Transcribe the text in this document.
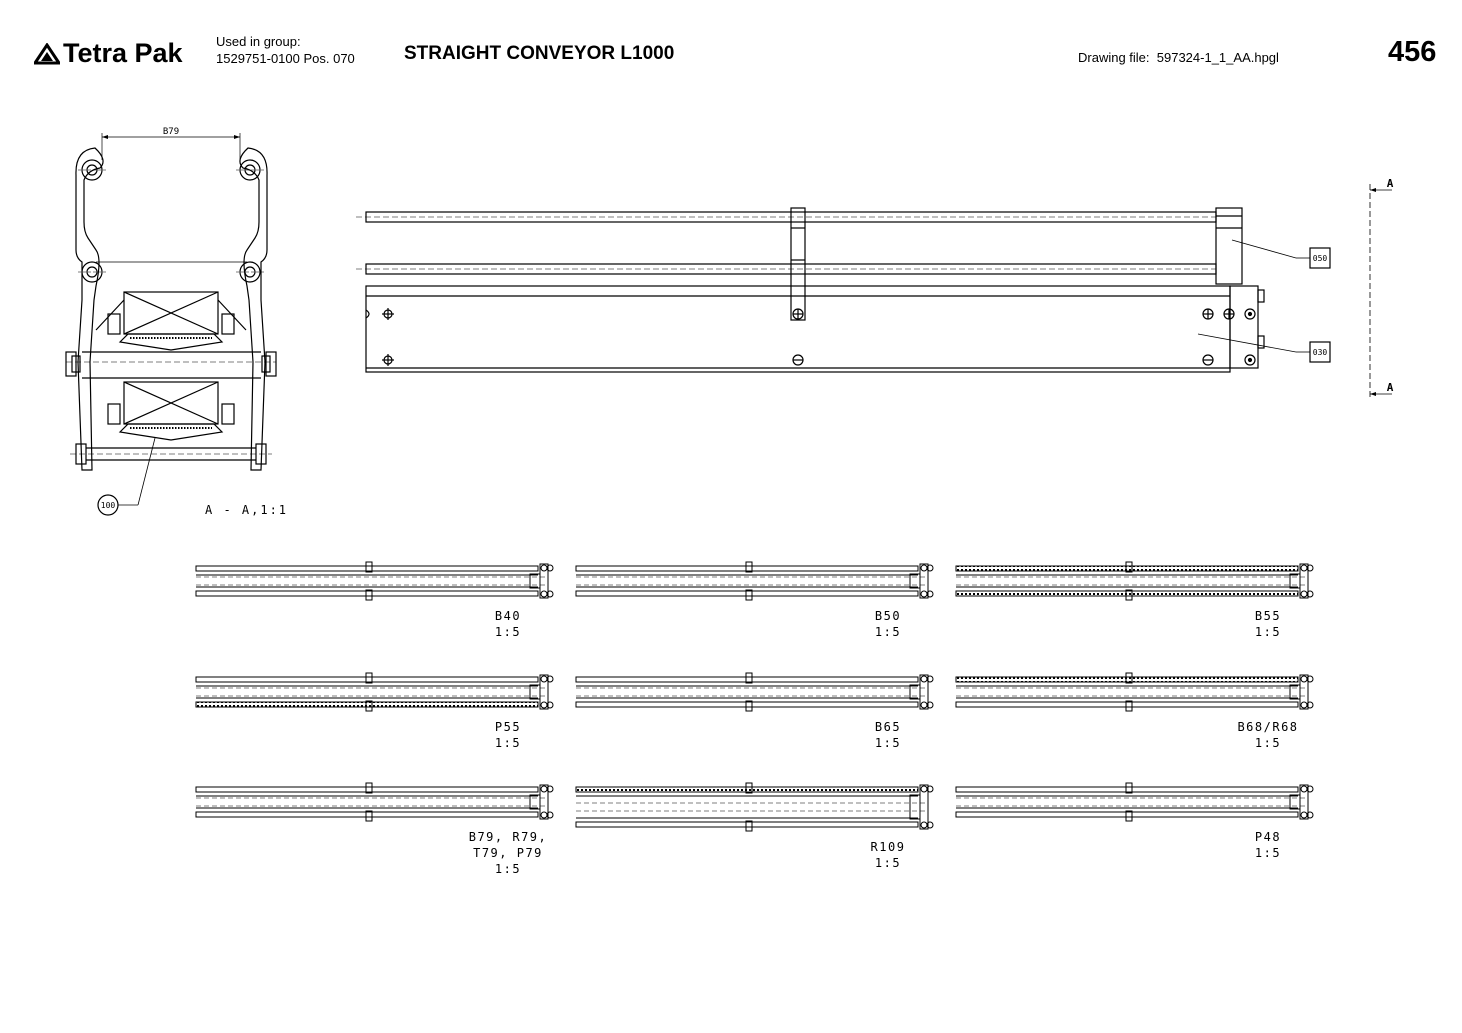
Tetra Pak	Used in group:
1529751-0100 Pos. 070	STRAIGHT CONVEYOR L1000	Drawing file: 597324-1_1_AA.hpgl	456
B79
100	A - A,1:1
050
030
A
A
B40
1:5
B50
1:5
B55
1:5
P55
1:5
B65
1:5
B68/R68
1:5
B79, R79,
T79, P79
1:5
R109
1:5
P48
1:5
